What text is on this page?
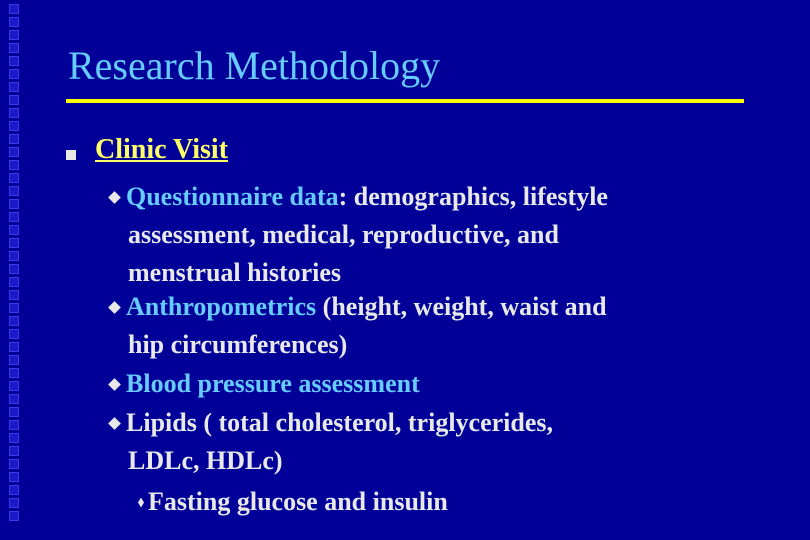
Research Methodology
Clinic Visit
Questionnaire data: demographics, lifestyle
assessment, medical, reproductive, and
menstrual histories
Anthropometrics (height, weight, waist and
hip circumferences)
Blood pressure assessment
Lipids ( total cholesterol, triglycerides,
LDLc, HDLc)
Fasting glucose and insulin
